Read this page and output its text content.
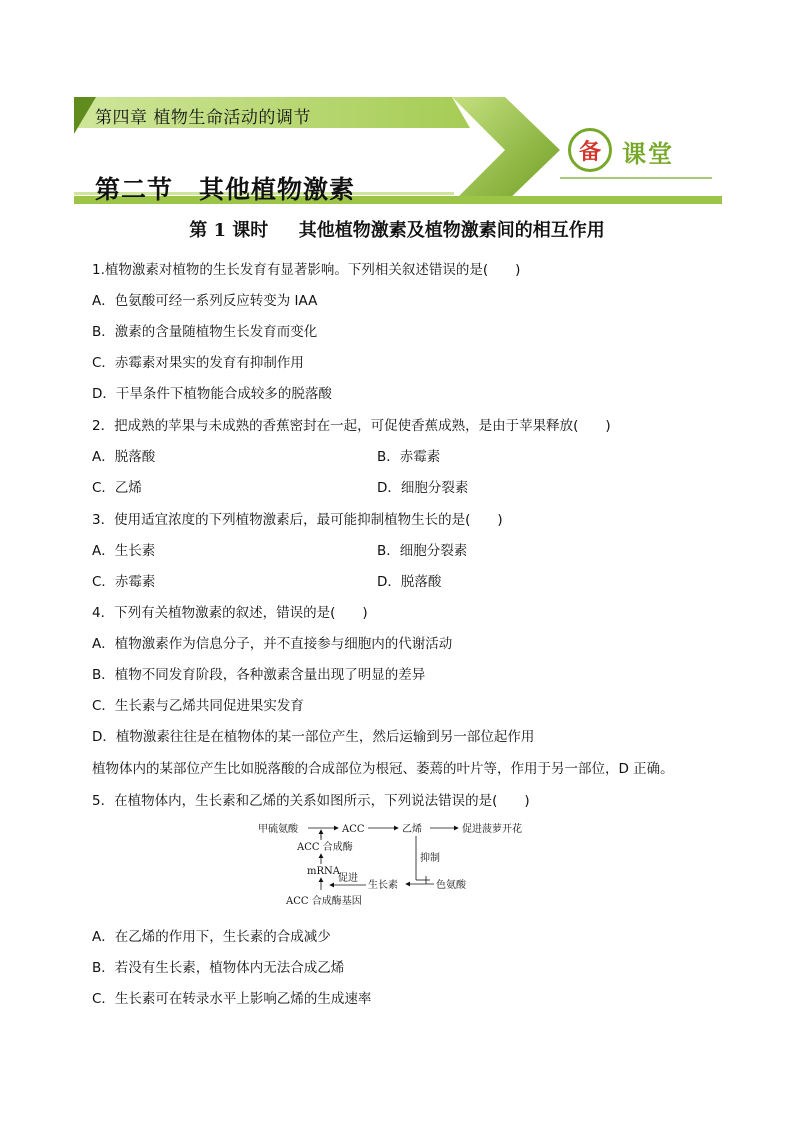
第四章 植物生命活动的调节
第二节　其他植物激素
备 课堂
第 1 课时　  其他植物激素及植物激素间的相互作用
1.植物激素对植物的生长发育有显著影响。下列相关叙述错误的是(　　)
A．色氨酸可经一系列反应转变为 IAA
B．激素的含量随植物生长发育而变化
C．赤霉素对果实的发育有抑制作用
D．干旱条件下植物能合成较多的脱落酸
2．把成熟的苹果与未成熟的香蕉密封在一起，可促使香蕉成熟，是由于苹果释放(　　)
A．脱落酸	B．赤霉素
C．乙烯	D．细胞分裂素
3．使用适宜浓度的下列植物激素后，最可能抑制植物生长的是(　　)
A．生长素	B．细胞分裂素
C．赤霉素	D．脱落酸
4．下列有关植物激素的叙述，错误的是(　　)
A．植物激素作为信息分子，并不直接参与细胞内的代谢活动
B．植物不同发育阶段，各种激素含量出现了明显的差异
C．生长素与乙烯共同促进果实发育
D．植物激素往往是在植物体的某一部位产生，然后运输到另一部位起作用
植物体内的某部位产生比如脱落酸的合成部位为根冠、萎蔫的叶片等，作用于另一部位，D 正确。
5．在植物体内，生长素和乙烯的关系如图所示，下列说法错误的是(　　)
甲硫氨酸	ACC	乙烯	促进菠萝开花
ACC 合成酶
mRNA
ACC 合成酶基因
促进
生长素	色氨酸
抑制
A．在乙烯的作用下，生长素的合成减少
B．若没有生长素，植物体内无法合成乙烯
C．生长素可在转录水平上影响乙烯的生成速率
